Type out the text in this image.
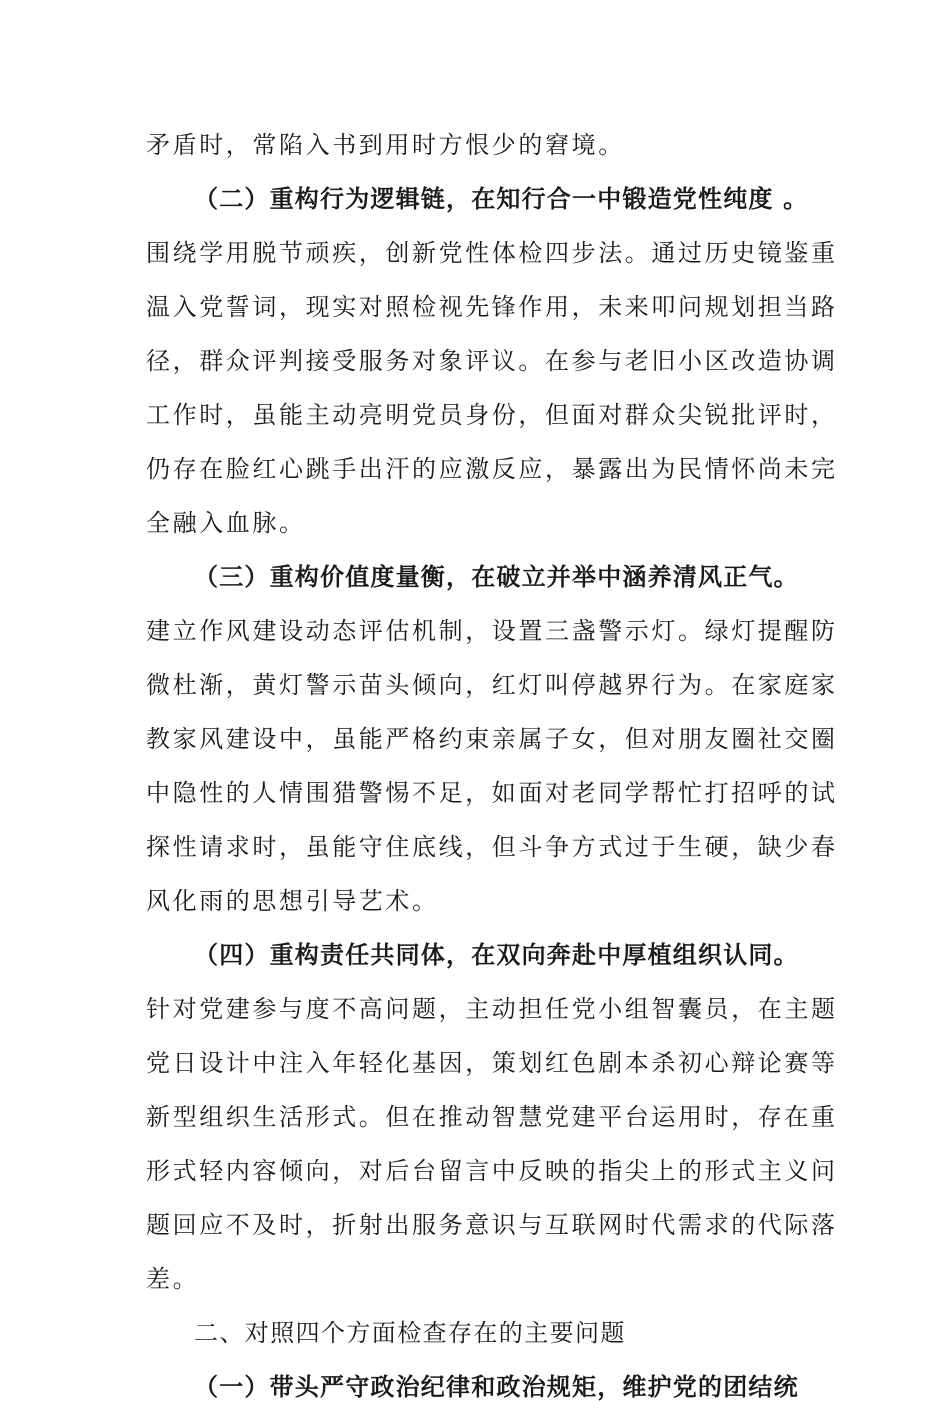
矛盾时，常陷入书到用时方恨少的窘境。
（二）重构行为逻辑链，在知行合一中锻造党性纯度 。
围绕学用脱节顽疾，创新党性体检四步法。通过历史镜鉴重
温入党誓词，现实对照检视先锋作用，未来叩问规划担当路
径，群众评判接受服务对象评议。在参与老旧小区改造协调
工作时，虽能主动亮明党员身份，但面对群众尖锐批评时，
仍存在脸红心跳手出汗的应激反应，暴露出为民情怀尚未完
全融入血脉。
（三）重构价值度量衡，在破立并举中涵养清风正气。
建立作风建设动态评估机制，设置三盏警示灯。绿灯提醒防
微杜渐，黄灯警示苗头倾向，红灯叫停越界行为。在家庭家
教家风建设中，虽能严格约束亲属子女，但对朋友圈社交圈
中隐性的人情围猎警惕不足，如面对老同学帮忙打招呼的试
探性请求时，虽能守住底线，但斗争方式过于生硬，缺少春
风化雨的思想引导艺术。
（四）重构责任共同体，在双向奔赴中厚植组织认同。
针对党建参与度不高问题，主动担任党小组智囊员，在主题
党日设计中注入年轻化基因，策划红色剧本杀初心辩论赛等
新型组织生活形式。但在推动智慧党建平台运用时，存在重
形式轻内容倾向，对后台留言中反映的指尖上的形式主义问
题回应不及时，折射出服务意识与互联网时代需求的代际落
差。
二、对照四个方面检查存在的主要问题
（一）带头严守政治纪律和政治规矩，维护党的团结统
